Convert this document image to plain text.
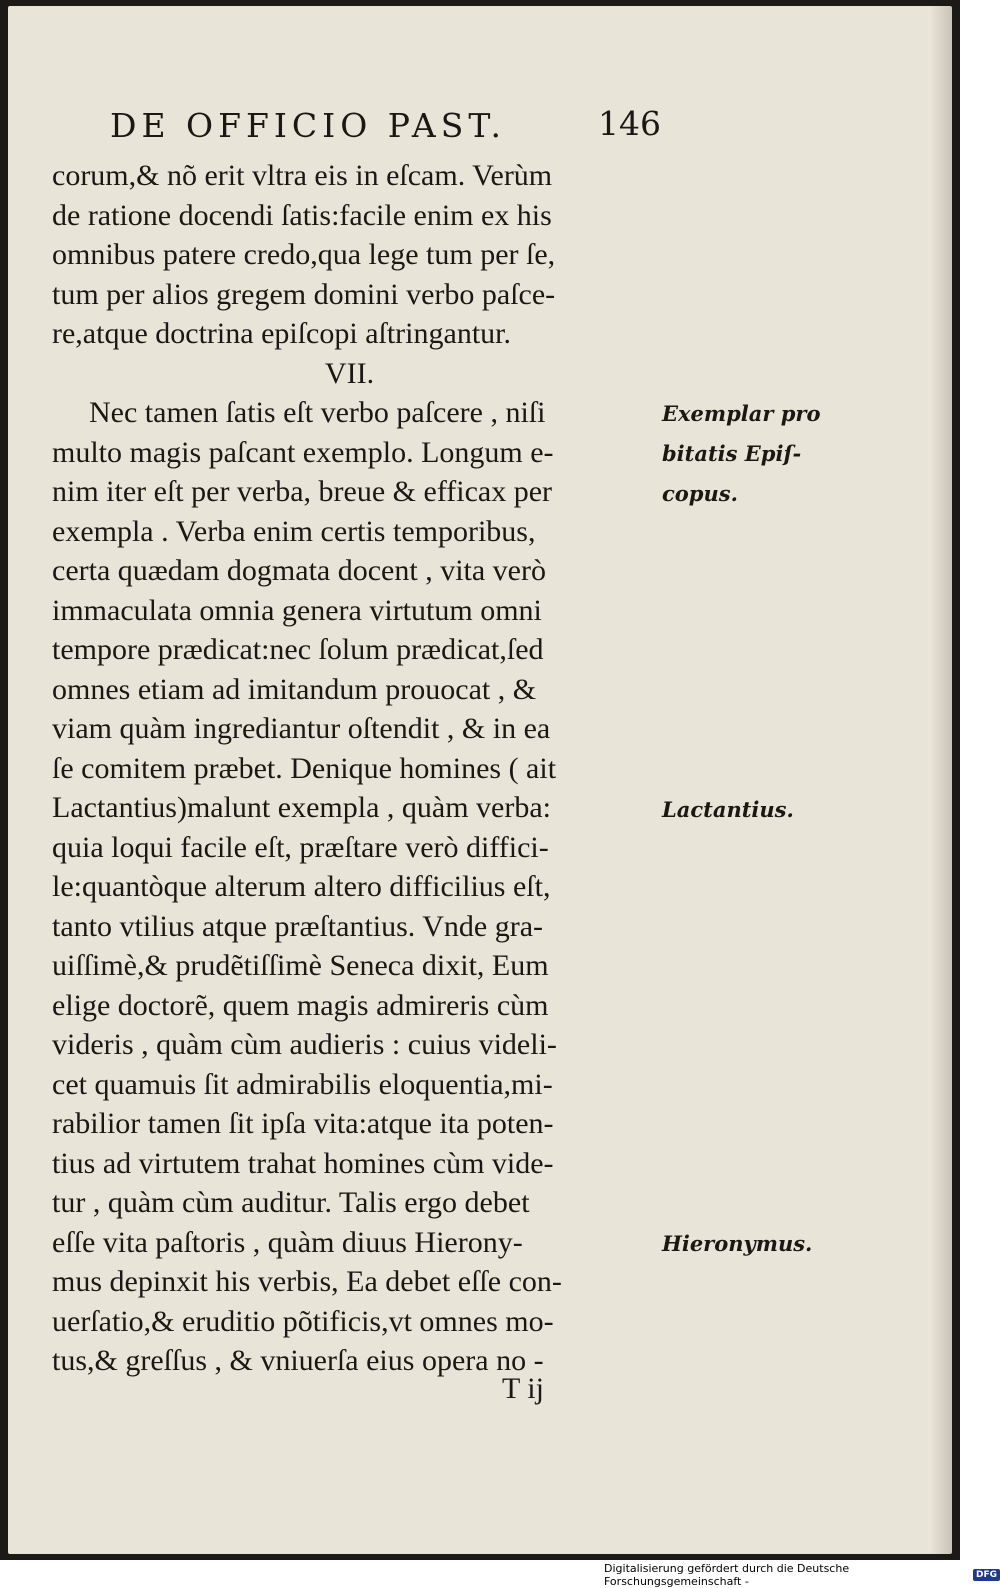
DE OFFICIO PAST.	146
corum,& nõ erit vltra eis in eſcam. Verùm
de ratione docendi ſatis:facile enim ex his
omnibus patere credo,qua lege tum per ſe,
tum per alios gregem domini verbo paſce-
re,atque doctrina epiſcopi aſtringantur.
VII.
Nec tamen ſatis eſt verbo paſcere , niſi
multo magis paſcant exemplo. Longum e-
nim iter eſt per verba, breue & efficax per
exempla . Verba enim certis temporibus,
certa quædam dogmata docent , vita verò
immaculata omnia genera virtutum omni
tempore prædicat:nec ſolum prædicat,ſed
omnes etiam ad imitandum prouocat , &
viam quàm ingrediantur oſtendit , & in ea
ſe comitem præbet. Denique homines ( ait
Lactantius)malunt exempla , quàm verba:
quia loqui facile eſt, præſtare verò diffici-
le:quantòque alterum altero difficilius eſt,
tanto vtilius atque præſtantius. Vnde gra-
uiſſimè,& prudẽtiſſimè Seneca dixit, Eum
elige doctorẽ, quem magis admireris cùm
videris , quàm cùm audieris : cuius videli-
cet quamuis ſit admirabilis eloquentia,mi-
rabilior tamen ſit ipſa vita:atque ita poten-
tius ad virtutem trahat homines cùm vide-
tur , quàm cùm auditur. Talis ergo debet
eſſe vita paſtoris , quàm diuus Hierony-
mus depinxit his verbis, Ea debet eſſe con-
uerſatio,& eruditio põtificis,vt omnes mo-
tus,& greſſus , & vniuerſa eius opera no -
Exemplar pro
bitatis Epiſ-
copus.
Lactantius.
Hieronymus.
T ij
Digitalisierung gefördert durch die Deutsche Forschungsgemeinschaft -	DFG
